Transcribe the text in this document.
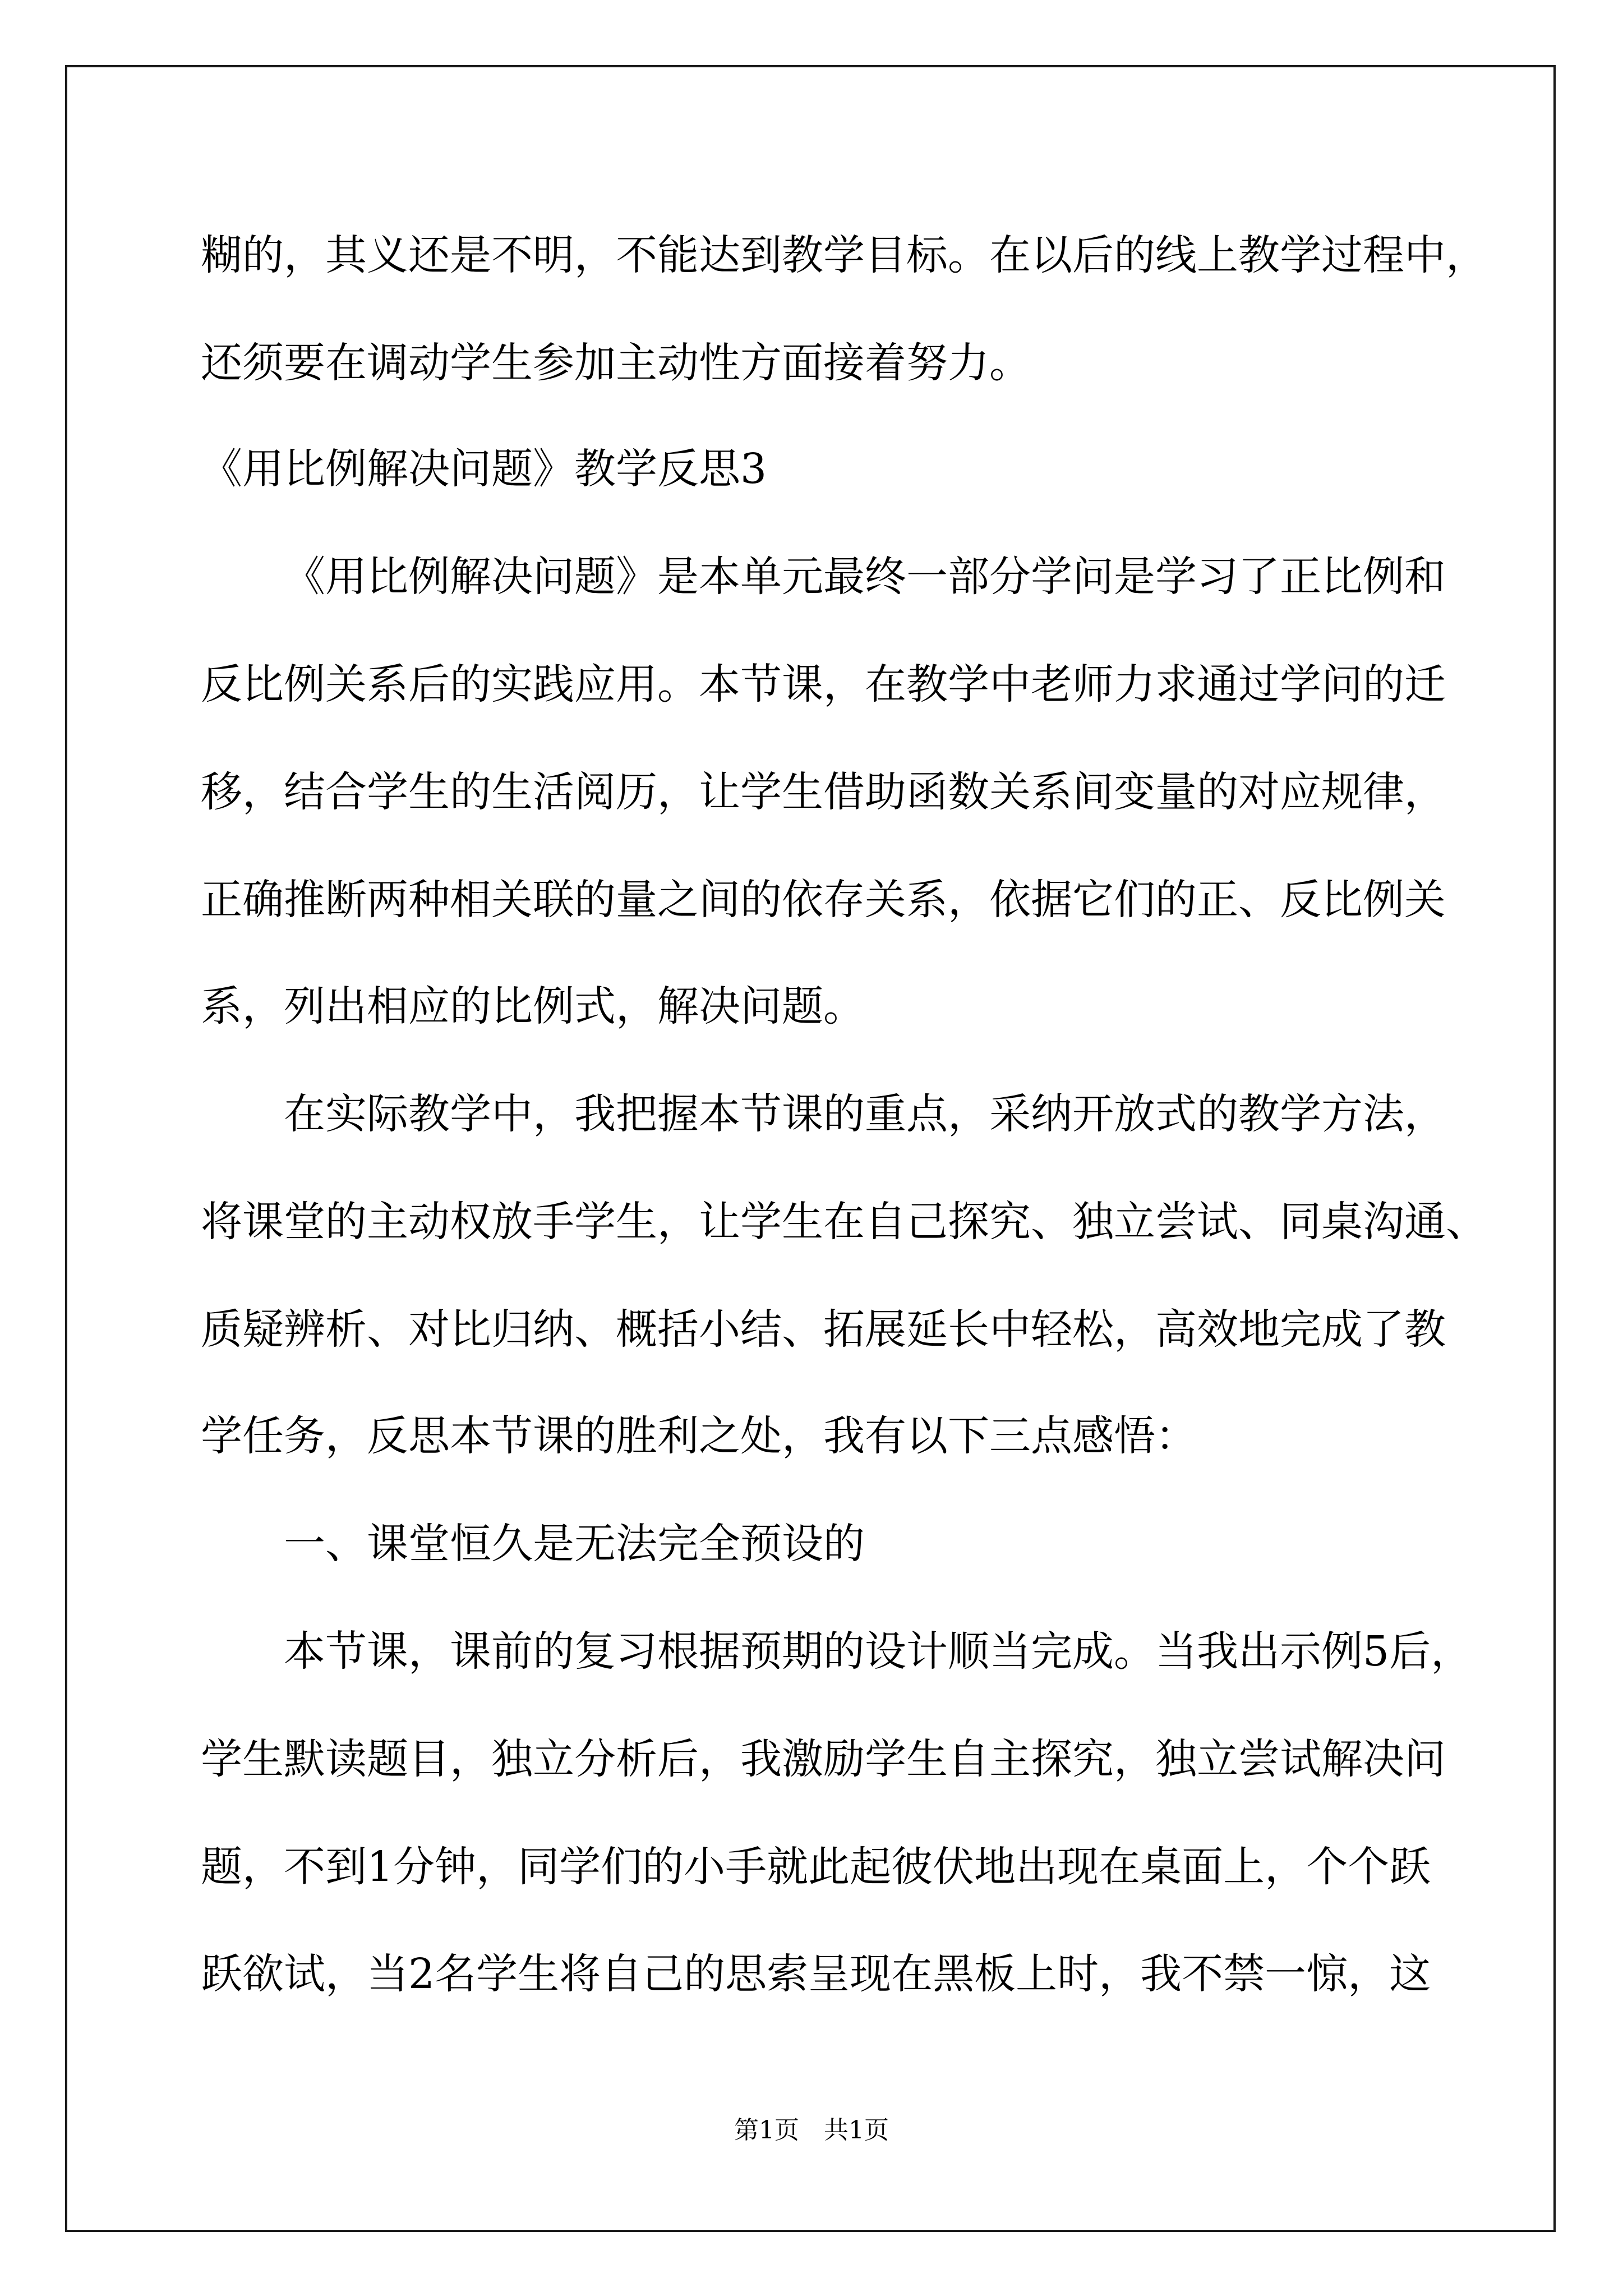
糊的，其义还是不明，不能达到教学目标。在以后的线上教学过程中，
还须要在调动学生参加主动性方面接着努力。
《用比例解决问题》教学反思3
《用比例解决问题》是本单元最终一部分学问是学习了正比例和
反比例关系后的实践应用。本节课，在教学中老师力求通过学问的迁
移，结合学生的生活阅历，让学生借助函数关系间变量的对应规律，
正确推断两种相关联的量之间的依存关系，依据它们的正、反比例关
系，列出相应的比例式，解决问题。
在实际教学中，我把握本节课的重点，采纳开放式的教学方法，
将课堂的主动权放手学生，让学生在自己探究、独立尝试、同桌沟通、
质疑辨析、对比归纳、概括小结、拓展延长中轻松，高效地完成了教
学任务，反思本节课的胜利之处，我有以下三点感悟：
一、课堂恒久是无法完全预设的
本节课，课前的复习根据预期的设计顺当完成。当我出示例5后，
学生默读题目，独立分析后，我激励学生自主探究，独立尝试解决问
题，不到1分钟，同学们的小手就此起彼伏地出现在桌面上，个个跃
跃欲试，当2名学生将自己的思索呈现在黑板上时，我不禁一惊，这
第1页　共1页
